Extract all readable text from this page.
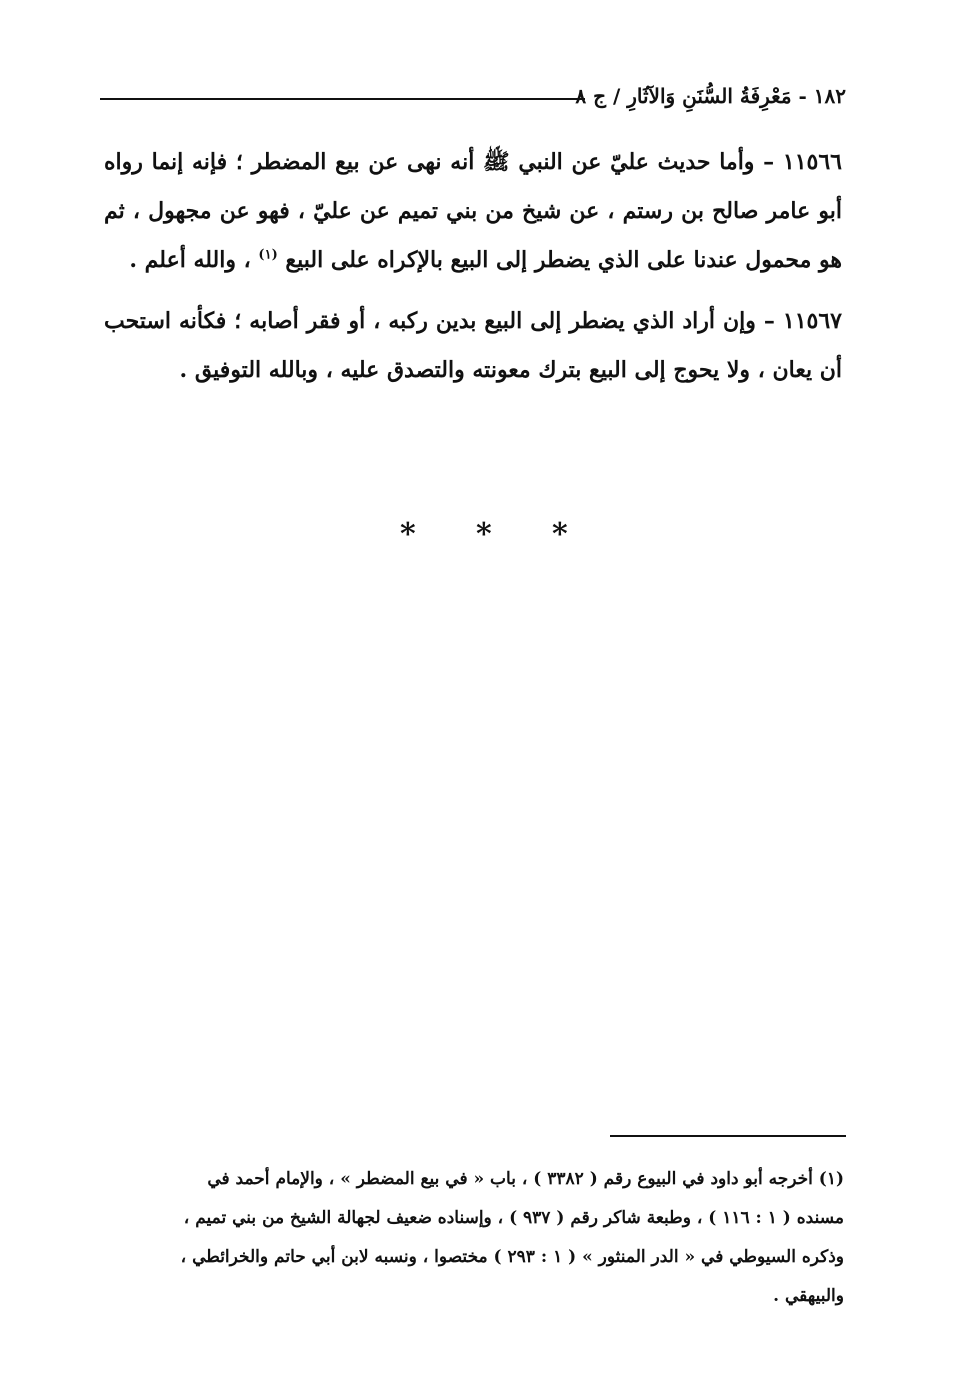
١٨٢ - مَعْرِفَةُ السُّنَنِ وَالآثَارِ / ج ٨

١١٥٦٦ – وأما حديث عليّ عن النبي ﷺ أنه نهى عن بيع المضطر ؛ فإنه إنما رواه أبو عامر صالح بن رستم ، عن شيخ من بني تميم عن عليّ ، فهو عن مجهول ، ثم هو محمول عندنا على الذي يضطر إلى البيع بالإكراه على البيع $^{(١)}$ ، والله أعلم .

١١٥٦٧ – وإن أراد الذي يضطر إلى البيع بدين ركبه ، أو فقر أصابه ؛ فكأنه استحب أن يعان ، ولا يحوج إلى البيع بترك معونته والتصدق عليه ، وبالله التوفيق .

* * *

(١) أخرجه أبو داود في البيوع رقم ( ٣٣٨٢ ) ، باب « في بيع المضطر » ، والإمام أحمد في

مسنده ( ١ : ١١٦ ) ، وطبعة شاكر رقم ( ٩٣٧ ) ، وإسناده ضعيف لجهالة الشيخ من بني تميم ،

وذكره السيوطي في « الدر المنثور » ( ١ : ٢٩٣ ) مختصوا ، ونسبه لابن أبي حاتم والخرائطي ،

والبيهقي .
